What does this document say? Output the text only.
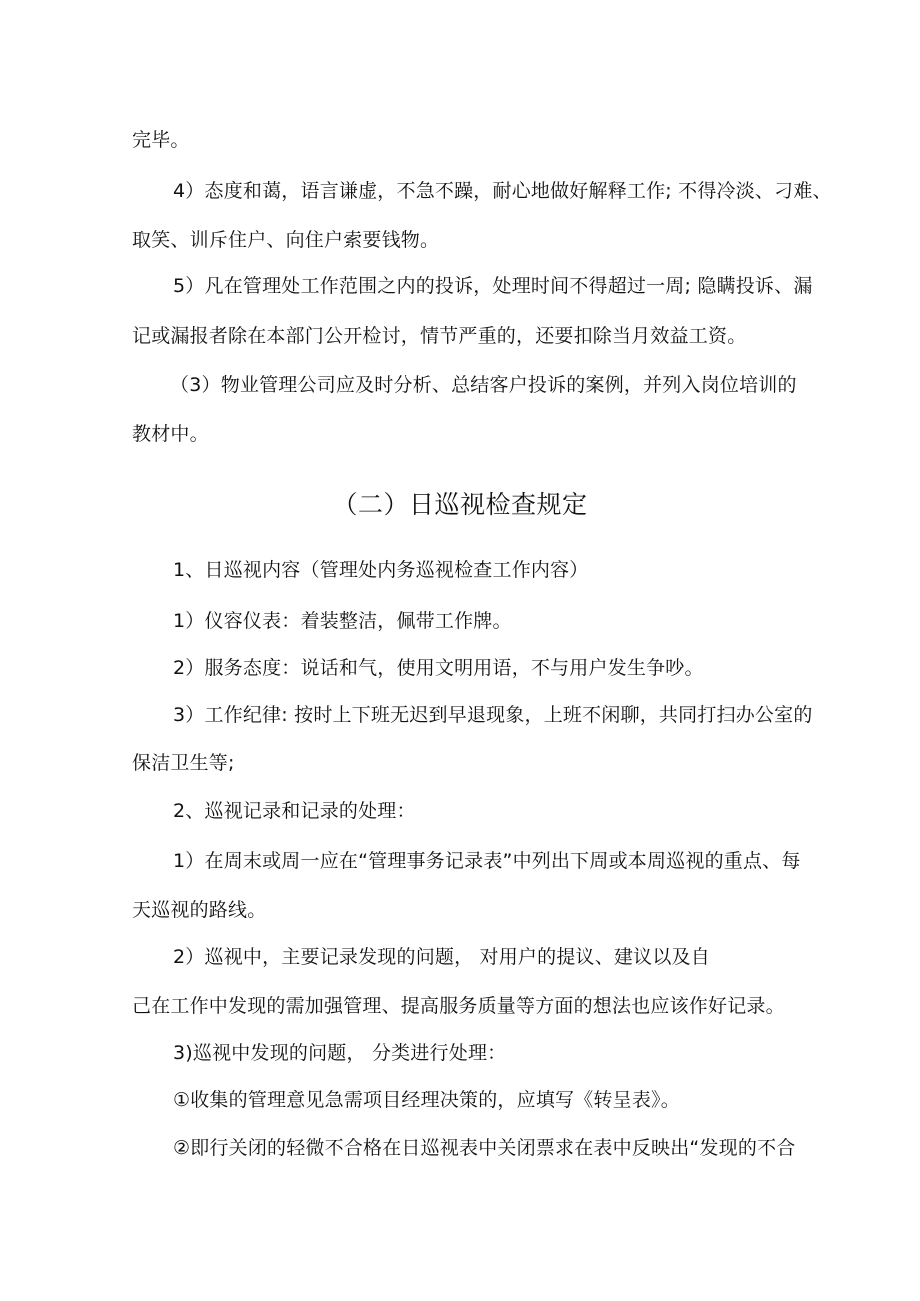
完毕。
4）态度和蔼，语言谦虚，不急不躁，耐心地做好解释工作; 不得冷淡、刁难、
取笑、训斥住户、向住户索要钱物。
5）凡在管理处工作范围之内的投诉，处理时间不得超过一周; 隐瞒投诉、漏
记或漏报者除在本部门公开检讨，情节严重的，还要扣除当月效益工资。
（3）物业管理公司应及时分析、总结客户投诉的案例，并列入岗位培训的
教材中。
（二）日巡视检查规定
1、日巡视内容（管理处内务巡视检查工作内容）
1）仪容仪表：着装整洁，佩带工作牌。
2）服务态度：说话和气，使用文明用语，不与用户发生争吵。
3）工作纪律: 按时上下班无迟到早退现象，上班不闲聊，共同打扫办公室的
保洁卫生等;
2、巡视记录和记录的处理：
1）在周末或周一应在“管理事务记录表”中列出下周或本周巡视的重点、每
天巡视的路线。
2）巡视中，主要记录发现的问题， 对用户的提议、建议以及自
己在工作中发现的需加强管理、提高服务质量等方面的想法也应该作好记录。
3)巡视中发现的问题， 分类进行处理：
①收集的管理意见急需项目经理决策的，应填写《转呈表》。
②即行关闭的轻微不合格在日巡视表中关闭票求在表中反映出“发现的不合
